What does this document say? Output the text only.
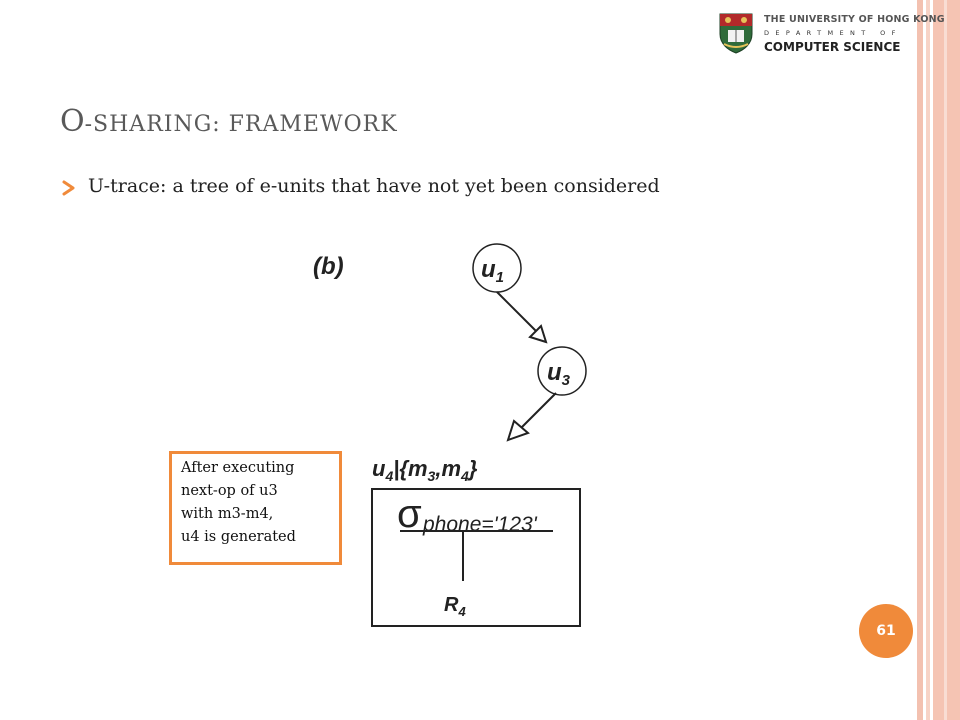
THE UNIVERSITY OF HONG KONG
DEPARTMENT OF
COMPUTER SCIENCE
O-SHARING: FRAMEWORK
U-trace: a tree of e-units that have not yet been considered
(b)	$u_1$
$u_3$
$u_4|\{m_3,m_4\}$
σ phone='123'
$R_4$
After executing
next-op of u3
with m3-m4,
u4 is generated
61
